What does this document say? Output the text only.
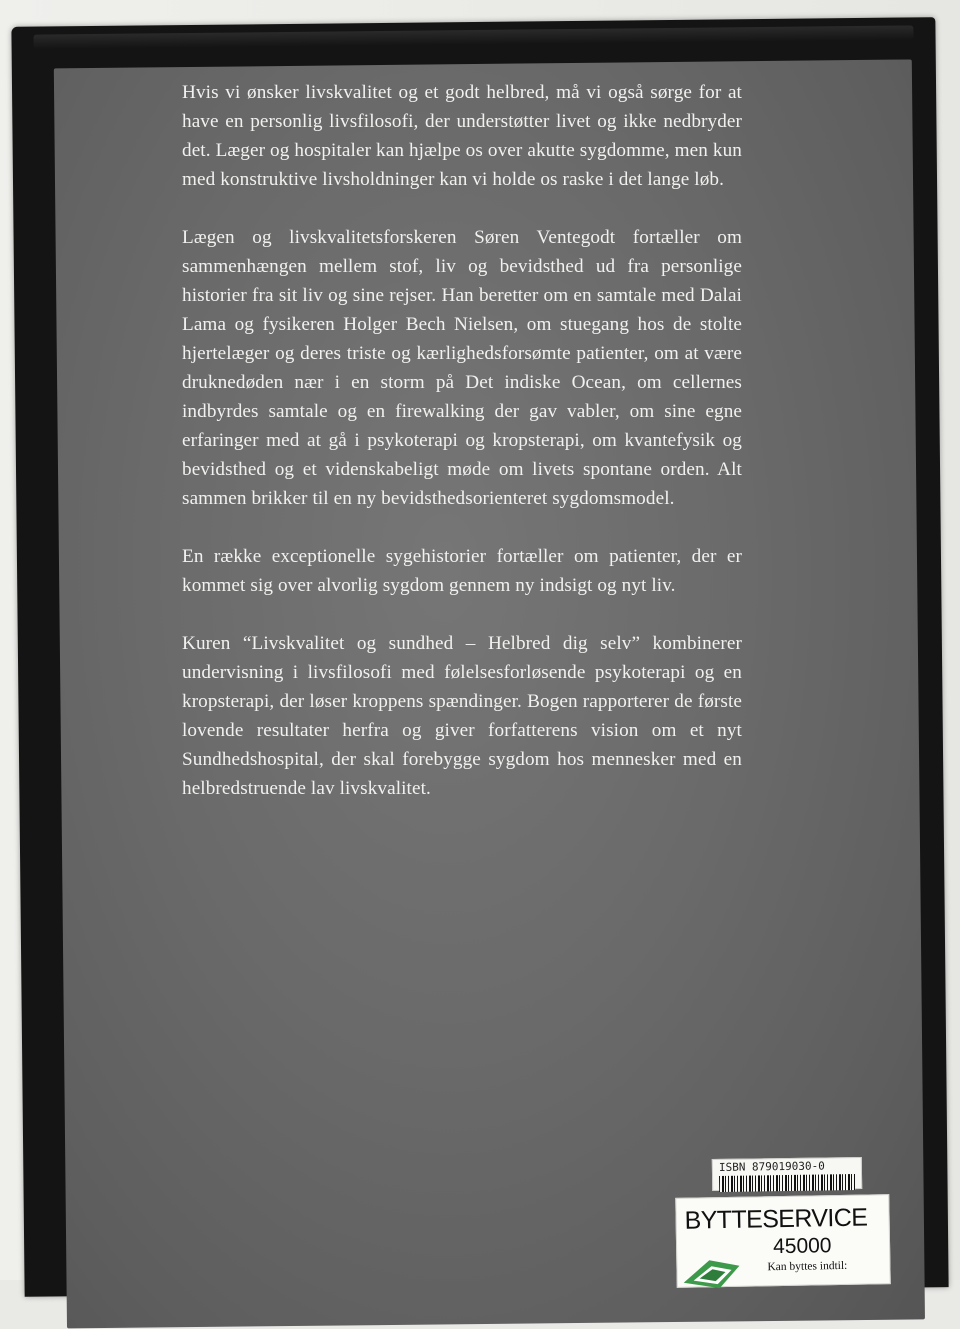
Hvis vi ønsker livskvalitet og et godt helbred, må vi også sørge for at have en personlig livsfilosofi, der understøtter livet og ikke nedbryder det. Læger og hospitaler kan hjælpe os over akutte sygdomme, men kun med konstruktive livsholdninger kan vi holde os raske i det lange løb.

Lægen og livskvalitetsforskeren Søren Ventegodt fortæller om sammenhængen mellem stof, liv og bevidsthed ud fra personlige historier fra sit liv og sine rejser. Han beretter om en samtale med Dalai Lama og fysikeren Holger Bech Nielsen, om stuegang hos de stolte hjertelæger og deres triste og kærlighedsforsømte patienter, om at være druknedøden nær i en storm på Det indiske Ocean, om cellernes indbyrdes samtale og en firewalking der gav vabler, om sine egne erfaringer med at gå i psykoterapi og kropsterapi, om kvantefysik og bevidsthed og et videnskabeligt møde om livets spontane orden. Alt sammen brikker til en ny bevidsthedsorienteret sygdomsmodel.

En række exceptionelle sygehistorier fortæller om patienter, der er kommet sig over alvorlig sygdom gennem ny indsigt og nyt liv.

Kuren “Livskvalitet og sundhed – Helbred dig selv” kombinerer undervisning i livsfilosofi med følelsesforløsende psykoterapi og en kropsterapi, der løser kroppens spændinger. Bogen rapporterer de første lovende resultater herfra og giver forfatterens vision om et nyt Sundhedshospital, der skal forebygge sygdom hos mennesker med en helbredstruende lav livskvalitet.

ISBN 879019030-0
BYTTESERVICE
45000
Kan byttes indtil:
